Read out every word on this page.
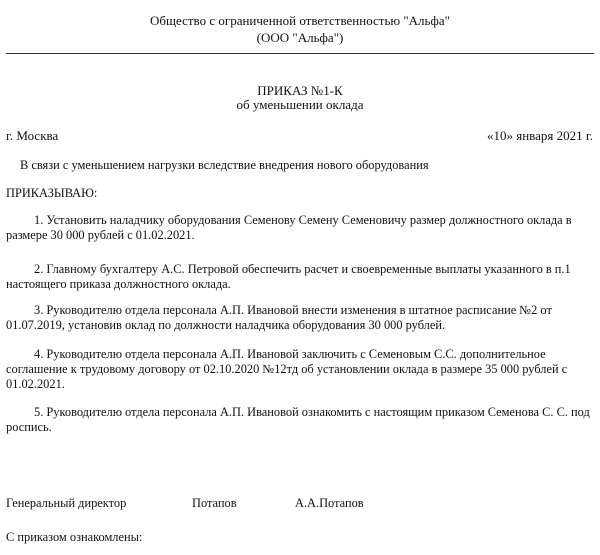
Общество с ограниченной ответственностью "Альфа"
(ООО "Альфа")
ПРИКАЗ №1-К
об уменьшении оклада
г. Москва	«10» января 2021 г.
В связи с уменьшением нагрузки вследствие внедрения нового оборудования
ПРИКАЗЫВАЮ:

1. Установить наладчику оборудования Семенову Семену Семеновичу размер должностного оклада в размере 30 000 рублей с 01.02.2021.

2. Главному бухгалтеру А.С. Петровой обеспечить расчет и своевременные выплаты указанного в п.1 настоящего приказа должностного оклада.

3. Руководителю отдела персонала А.П. Ивановой внести изменения в штатное расписание №2 от 01.07.2019, установив оклад по должности наладчика оборудования 30 000 рублей.

4. Руководителю отдела персонала А.П. Ивановой заключить с Семеновым С.С. дополнительное соглашение к трудовому договору от 02.10.2020 №12тд об установлении оклада в размере 35 000 рублей с 01.02.2021.

5. Руководителю отдела персонала А.П. Ивановой ознакомить с настоящим приказом Семенова С. С. под роспись.

Генеральный директор	Потапов	А.А.Потапов
С приказом ознакомлены:
